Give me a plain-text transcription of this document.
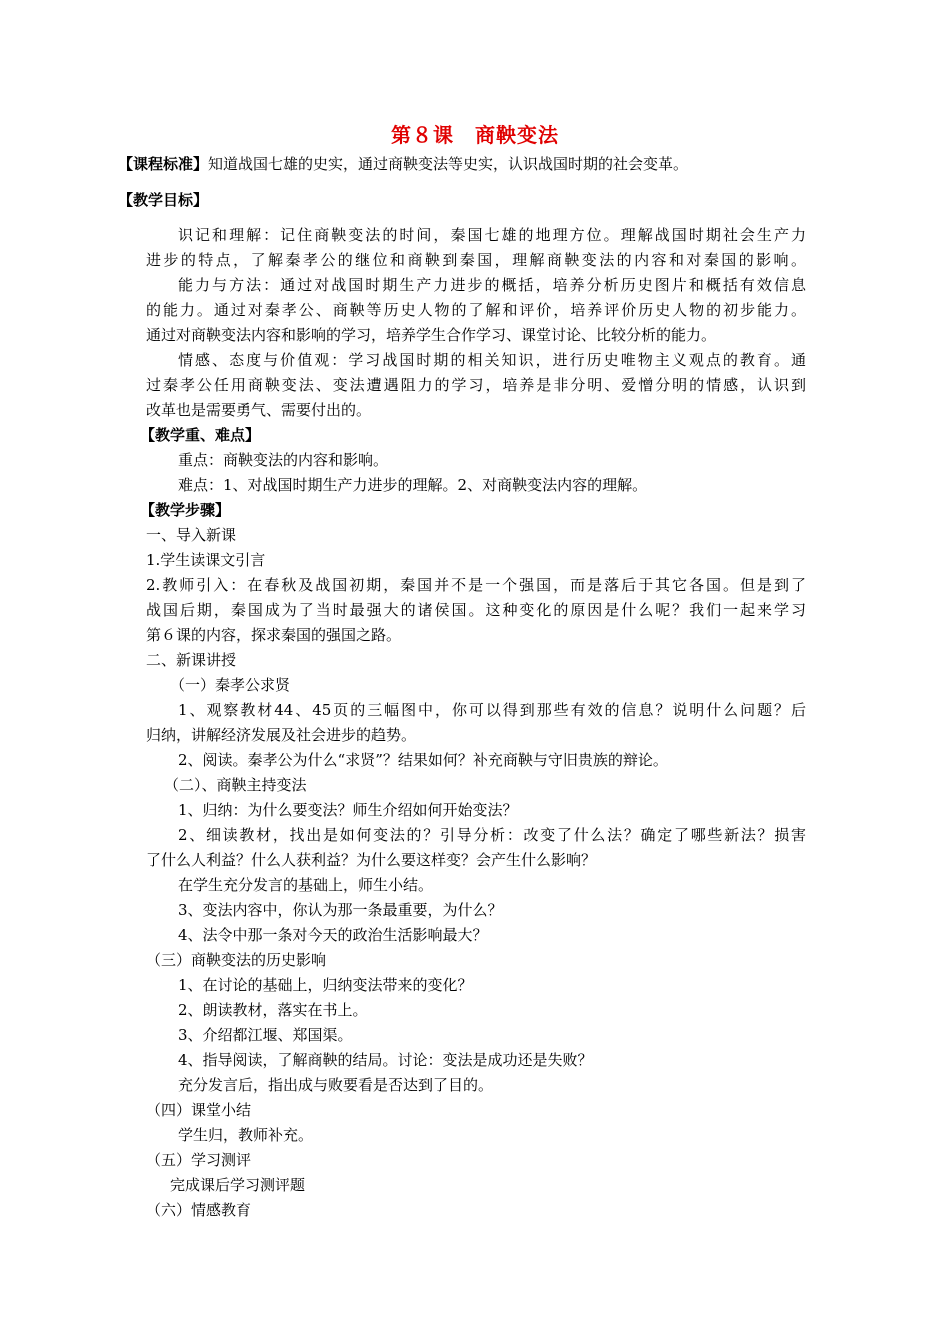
第８课　商鞅变法
【课程标准】知道战国七雄的史实，通过商鞅变法等史实，认识战国时期的社会变革。
【教学目标】
识记和理解：记住商鞅变法的时间，秦国七雄的地理方位。理解战国时期社会生产力
进步的特点，了解秦孝公的继位和商鞅到秦国，理解商鞅变法的内容和对秦国的影响。
能力与方法：通过对战国时期生产力进步的概括，培养分析历史图片和概括有效信息
的能力。通过对秦孝公、商鞅等历史人物的了解和评价，培养评价历史人物的初步能力。
通过对商鞅变法内容和影响的学习，培养学生合作学习、课堂讨论、比较分析的能力。
情感、态度与价值观：学习战国时期的相关知识，进行历史唯物主义观点的教育。通
过秦孝公任用商鞅变法、变法遭遇阻力的学习，培养是非分明、爱憎分明的情感，认识到
改革也是需要勇气、需要付出的。
【教学重、难点】
重点：商鞅变法的内容和影响。
难点：1、对战国时期生产力进步的理解。2、对商鞅变法内容的理解。
【教学步骤】
一、导入新课
1.学生读课文引言
2.教师引入：在春秋及战国初期，秦国并不是一个强国，而是落后于其它各国。但是到了
战国后期，秦国成为了当时最强大的诸侯国。这种变化的原因是什么呢？我们一起来学习
第６课的内容，探求秦国的强国之路。
二、新课讲授
（一）秦孝公求贤
1、观察教材44、45页的三幅图中，你可以得到那些有效的信息？说明什么问题？后
归纳，讲解经济发展及社会进步的趋势。
2、阅读。秦孝公为什么“求贤”？结果如何？补充商鞅与守旧贵族的辩论。
（二）、商鞅主持变法
1、归纳：为什么要变法？师生介绍如何开始变法？
2、细读教材，找出是如何变法的？引导分析：改变了什么法？确定了哪些新法？损害
了什么人利益？什么人获利益？为什么要这样变？会产生什么影响？
在学生充分发言的基础上，师生小结。
3、变法内容中，你认为那一条最重要，为什么？
4、法令中那一条对今天的政治生活影响最大？
（三）商鞅变法的历史影响
1、在讨论的基础上，归纳变法带来的变化？
2、朗读教材，落实在书上。
3、介绍都江堰、郑国渠。
4、指导阅读，了解商鞅的结局。讨论：变法是成功还是失败？
充分发言后，指出成与败要看是否达到了目的。
（四）课堂小结
学生归，教师补充。
（五）学习测评
完成课后学习测评题
（六）情感教育
